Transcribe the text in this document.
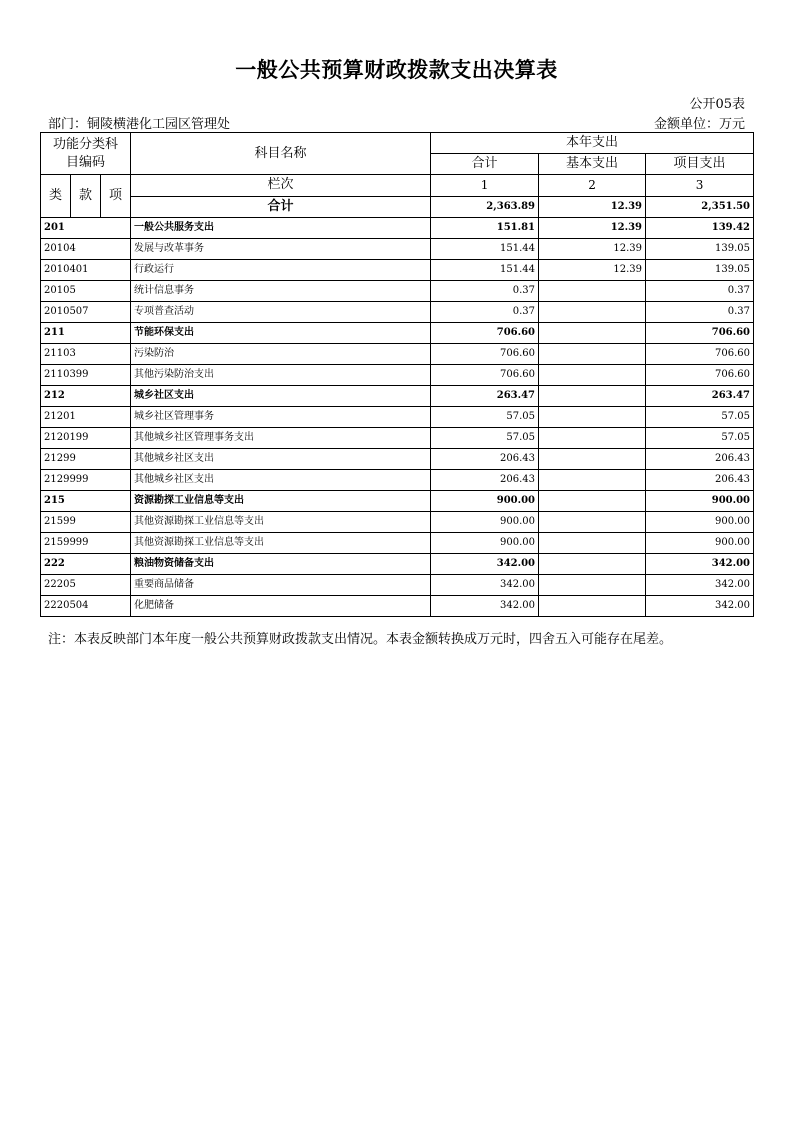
一般公共预算财政拨款支出决算表
公开05表
部门：铜陵横港化工园区管理处	金额单位：万元
功能分类科
目编码			科目名称	本年支出		
				合计	基本支出	项目支出
类	款	项	栏次	1	2	3
			合计	2,363.89	12.39	2,351.50
201			一般公共服务支出	151.81	12.39	139.42
20104			发展与改革事务	151.44	12.39	139.05
2010401			行政运行	151.44	12.39	139.05
20105			统计信息事务	0.37		0.37
2010507			专项普查活动	0.37		0.37
211			节能环保支出	706.60		706.60
21103			污染防治	706.60		706.60
2110399			其他污染防治支出	706.60		706.60
212			城乡社区支出	263.47		263.47
21201			城乡社区管理事务	57.05		57.05
2120199			其他城乡社区管理事务支出	57.05		57.05
21299			其他城乡社区支出	206.43		206.43
2129999			其他城乡社区支出	206.43		206.43
215			资源勘探工业信息等支出	900.00		900.00
21599			其他资源勘探工业信息等支出	900.00		900.00
2159999			其他资源勘探工业信息等支出	900.00		900.00
222			粮油物资储备支出	342.00		342.00
22205			重要商品储备	342.00		342.00
2220504			化肥储备	342.00		342.00
注：本表反映部门本年度一般公共预算财政拨款支出情况。本表金额转换成万元时，四舍五入可能存在尾差。
